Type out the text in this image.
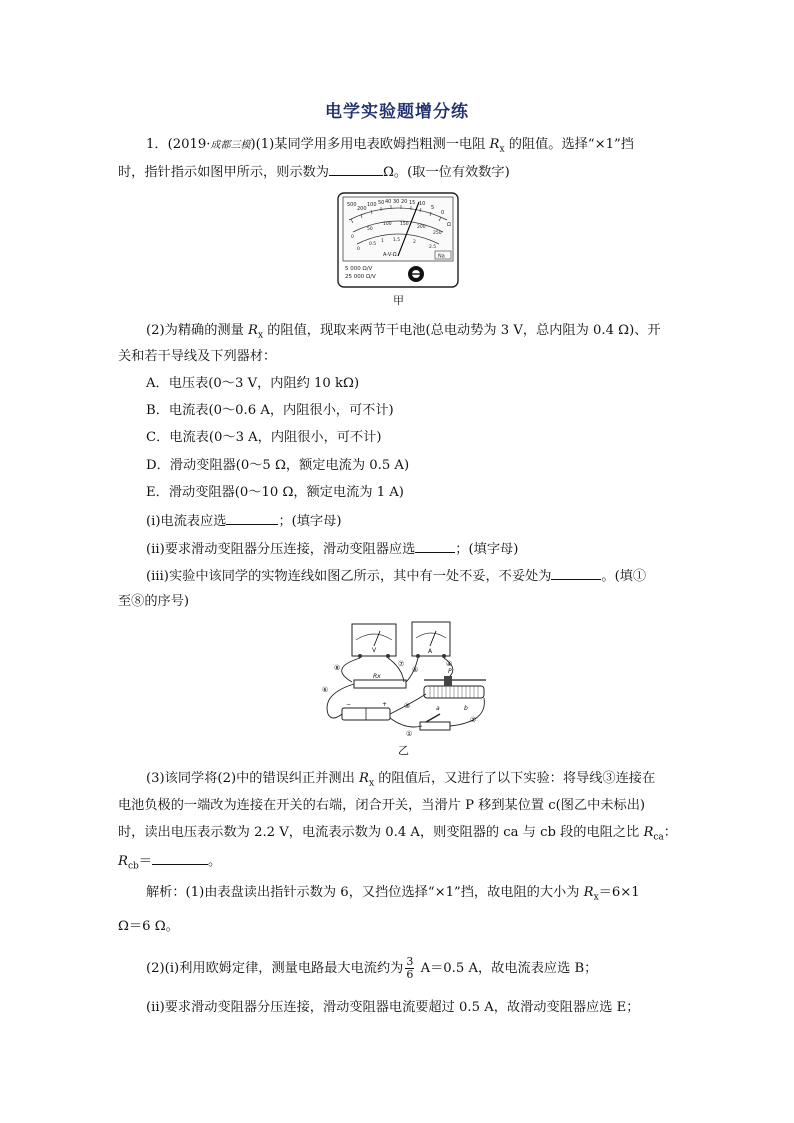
电学实验题增分练
1．(2019·成都三模)(1)某同学用多用电表欧姆挡粗测一电阻 $R_x$ 的阻值。选择“×1”挡
时，指针指示如图甲所示，则示数为	Ω。(取一位有效数字)
500
200
100 50 40 30 20 15 10
5
0
Ω
0
50
100 150
200
250
0
0.5
1 1.5	2
2.5
A-V-Ω	Na
5 000 Ω/V
25 000 Ω/V
甲
(2)为精确的测量 $R_x$ 的阻值，现取来两节干电池(总电动势为 3 V，总内阻为 0.4 Ω)、开
关和若干导线及下列器材：
A．电压表(0～3 V，内阻约 10 kΩ)
B．电流表(0～0.6 A，内阻很小，可不计)
C．电流表(0～3 A，内阻很小，可不计)
D．滑动变阻器(0～5 Ω，额定电流为 0.5 A)
E．滑动变阻器(0～10 Ω，额定电流为 1 A)
(ⅰ)电流表应选	；(填字母)
(ⅱ)要求滑动变阻器分压连接，滑动变阻器应选	；(填字母)
(ⅲ)实验中该同学的实物连线如图乙所示，其中有一处不妥，不妥处为	。(填①
至⑧的序号)
V	A
Rx
P
a	b
−	+
①
②
③
④
⑤
⑥
⑦
⑧
乙
(3)该同学将(2)中的错误纠正并测出 $R_x$ 的阻值后，又进行了以下实验：将导线③连接在
电池负极的一端改为连接在开关的右端，闭合开关，当滑片 P 移到某位置 c(图乙中未标出)
时，读出电压表示数为 2.2 V，电流表示数为 0.4 A，则变阻器的 ca 与 cb 段的电阻之比 $R_{ca}$：
$R_{cb}=$	。
解析：(1)由表盘读出指针示数为 6，又挡位选择“×1”挡，故电阻的大小为 $R_x=6\times 1$
Ω＝6 Ω。
(2)(ⅰ)利用欧姆定律，测量电路最大电流约为 $\frac{3}{6} A=0.5$ A，故电流表应选 B；
(ⅱ)要求滑动变阻器分压连接，滑动变阻器电流要超过 0.5 A，故滑动变阻器应选 E；
